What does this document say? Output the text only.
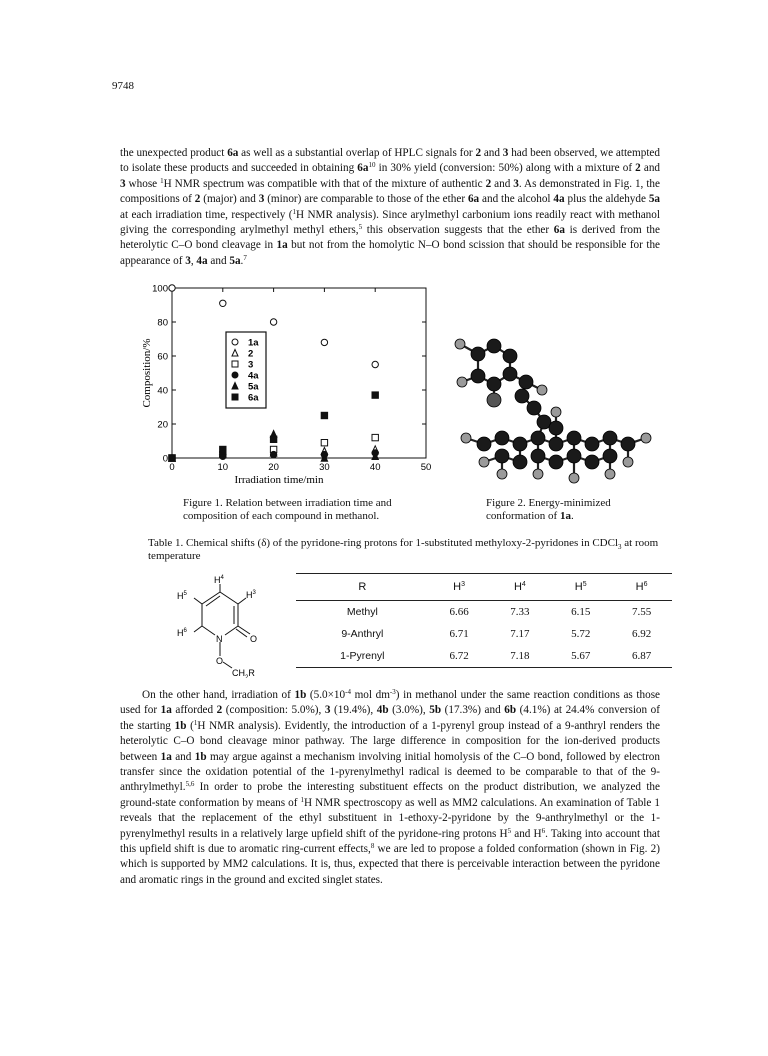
9748

the unexpected product 6a as well as a substantial overlap of HPLC signals for 2 and 3 had been observed, we attempted to isolate these products and succeeded in obtaining $6a^{10}$ in 30% yield (conversion: 50%) along with a mixture of 2 and 3 whose $^1$H NMR spectrum was compatible with that of the mixture of authentic 2 and 3. As demonstrated in Fig. 1, the compositions of 2 (major) and 3 (minor) are comparable to those of the ether 6a and the alcohol 4a plus the aldehyde 5a at each irradiation time, respectively ($^1$H NMR analysis). Since arylmethyl carbonium ions readily react with methanol giving the corresponding arylmethyl methyl ethers,$^5$ this observation suggests that the ether 6a is derived from the heterolytic C–O bond cleavage in 1a but not from the homolytic N–O bond scission that should be responsible for the appearance of 3, 4a and 5a.$^7$

0	10	20	30	40	50
0
20
40
60
80
100
Irradiation time/min
Composition/%	1a
2
3
4a
5a
6a

Figure 1. Relation between irradiation time and composition of each compound in methanol.

Figure 2. Energy-minimized conformation of 1a.

Table 1. Chemical shifts (δ) of the pyridone-ring protons for 1-substituted methyloxy-2-pyridones in CDCl$_3$ at room temperature

$H^4$
$H^5$	$H^3$
$H^6$
N	O
O
$CH_2R$
R	$H^3$	$H^4$	$H^5$	$H^6$
Methyl	6.66	7.33	6.15	7.55
9-Anthryl	6.71	7.17	5.72	6.92
1-Pyrenyl	6.72	7.18	5.67	6.87

On the other hand, irradiation of 1b ($5.0\times 10^{-4}$ mol $dm^{-3}$) in methanol under the same reaction conditions as those used for 1a afforded 2 (composition: 5.0%), 3 (19.4%), 4b (3.0%), 5b (17.3%) and 6b (4.1%) at 24.4% conversion of the starting 1b ($^1$H NMR analysis). Evidently, the introduction of a 1-pyrenyl group instead of a 9-anthryl renders the heterolytic C–O bond cleavage minor pathway. The large difference in composition for the ion-derived products between 1a and 1b may argue against a mechanism involving initial homolysis of the C–O bond, followed by electron transfer since the oxidation potential of the 1-pyrenylmethyl radical is deemed to be comparable to that of the 9-anthrylmethyl.$^{5,6}$ In order to probe the interesting substituent effects on the product distribution, we analyzed the ground-state conformation by means of $^1$H NMR spectroscopy as well as MM2 calculations. An examination of Table 1 reveals that the replacement of the ethyl substituent in 1-ethoxy-2-pyridone by the 9-anthrylmethyl or the 1-pyrenylmethyl results in a relatively large upfield shift of the pyridone-ring protons $H^5$ and $H^6$. Taking into account that this upfield shift is due to aromatic ring-current effects,$^8$ we are led to propose a folded conformation (shown in Fig. 2) which is supported by MM2 calculations. It is, thus, expected that there is perceivable interaction between the pyridone and aromatic rings in the ground and excited singlet states.
